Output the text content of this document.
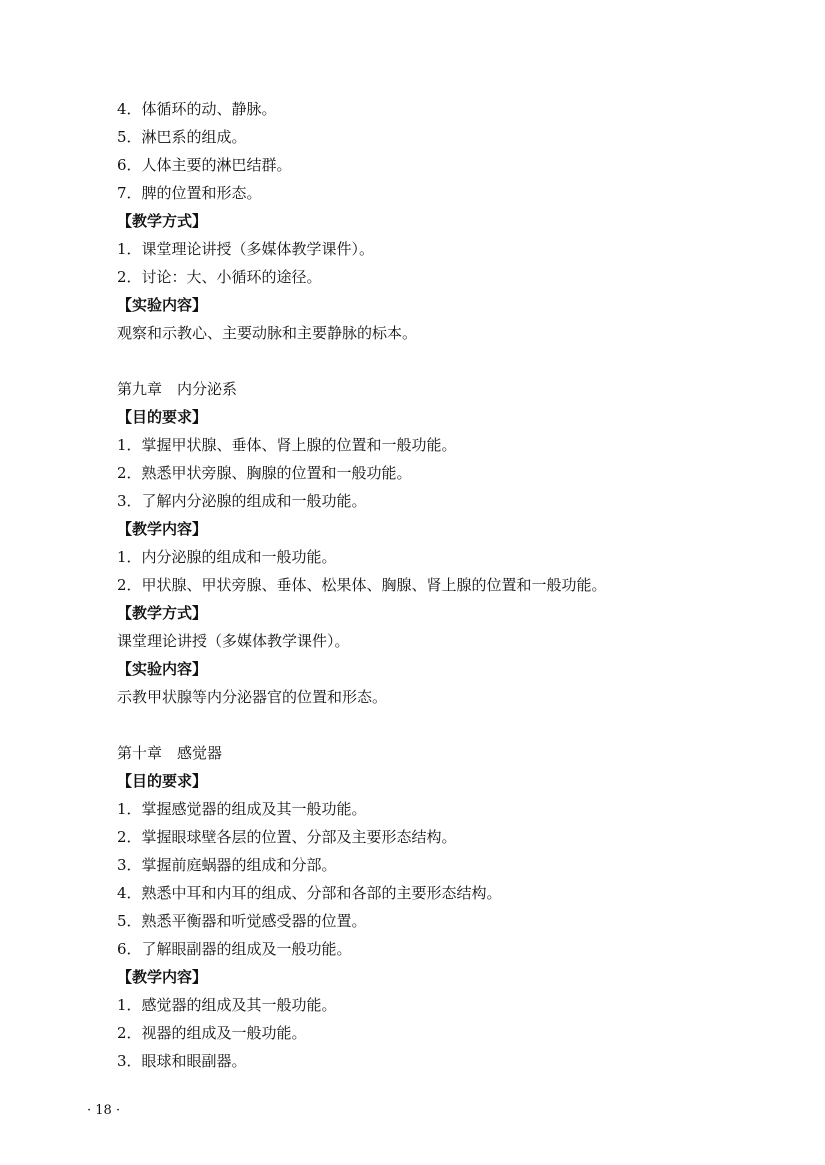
4．体循环的动、静脉。
5．淋巴系的组成。
6．人体主要的淋巴结群。
7．脾的位置和形态。
【教学方式】
1．课堂理论讲授（多媒体教学课件）。
2．讨论：大、小循环的途径。
【实验内容】
观察和示教心、主要动脉和主要静脉的标本。
第九章　内分泌系
【目的要求】
1．掌握甲状腺、垂体、肾上腺的位置和一般功能。
2．熟悉甲状旁腺、胸腺的位置和一般功能。
3．了解内分泌腺的组成和一般功能。
【教学内容】
1．内分泌腺的组成和一般功能。
2．甲状腺、甲状旁腺、垂体、松果体、胸腺、肾上腺的位置和一般功能。
【教学方式】
课堂理论讲授（多媒体教学课件）。
【实验内容】
示教甲状腺等内分泌器官的位置和形态。
第十章　感觉器
【目的要求】
1．掌握感觉器的组成及其一般功能。
2．掌握眼球壁各层的位置、分部及主要形态结构。
3．掌握前庭蜗器的组成和分部。
4．熟悉中耳和内耳的组成、分部和各部的主要形态结构。
5．熟悉平衡器和听觉感受器的位置。
6．了解眼副器的组成及一般功能。
【教学内容】
1．感觉器的组成及其一般功能。
2．视器的组成及一般功能。
3．眼球和眼副器。
· 18 ·
